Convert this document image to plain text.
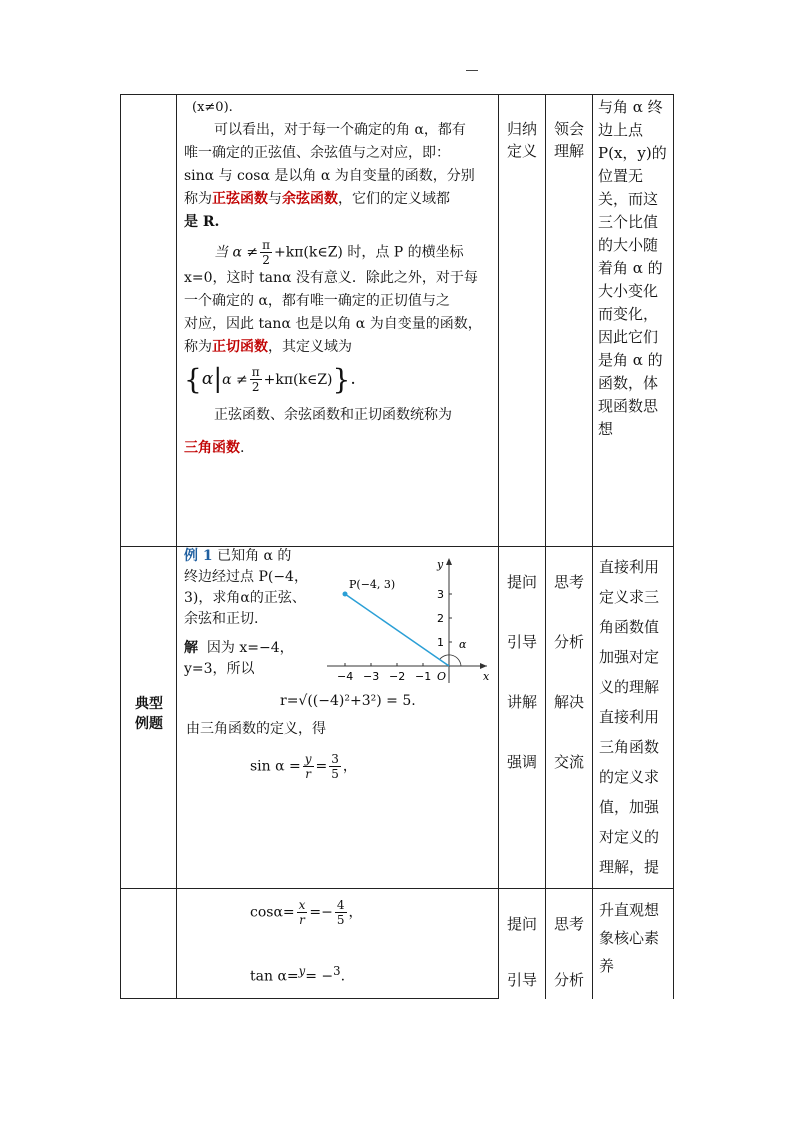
(x≠0).
可以看出，对于每一个确定的角 α，都有
唯一确定的正弦值、余弦值与之对应，即：
sinα 与 cosα 是以角 α 为自变量的函数，分别
称为正弦函数与余弦函数，它们的定义域都
是 R.
当 $\alpha \ne \frac{\pi}{2}$ +kπ(k∈Z) 时，点 P 的横坐标
x=0，这时 tanα 没有意义．除此之外，对于每
一个确定的 α，都有唯一确定的正切值与之
对应，因此 tanα 也是以角 α 为自变量的函数，
称为正切函数，其定义域为
{$\alpha|\alpha \ne \frac{\pi}{2}$ +kπ(k∈Z)}.
正弦函数、余弦函数和正切函数统称为
三角函数.
归纳
定义
领会
理解
与角 α 终
边上点
P(x，y)的
位置无
关，而这
三个比值
的大小随
着角 α 的
大小变化
而变化，
因此它们
是角 α 的
函数，体
现函数思
想
典型
例题
例 1 已知角 α 的
终边经过点 P(−4，
3)，求角α的正弦、
余弦和正切.
解 因为 x=−4，
y=3，所以	x
y
O
−4 −3 −2 −1
3
2
1
P(−4, 3)
α
r=√((−4)²+3²) = 5.
由三角函数的定义，得
$\sin \alpha = \frac{y}{r} = \frac{3}{5}$ ，
提问
引导
讲解
强调
思考
分析
解决
交流
直接利用
定义求三
角函数值
加强对定
义的理解
直接利用
三角函数
的定义求
值，加强
对定义的
理解，提
$\cos\alpha= \frac{x}{r} =- \frac{4}{5}$ ，
tan α=$^y$= −$^3$.
提问
引导
思考
分析
升直观想
象核心素
养
